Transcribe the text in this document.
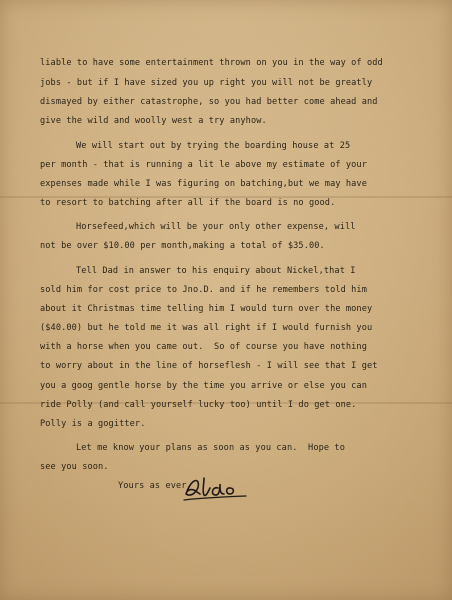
liable to have some entertainment thrown on you in the way of odd

jobs - but if I have sized you up right you will not be greatly

dismayed by either catastrophe, so you had better come ahead and

give the wild and woolly west a try anyhow.

We will start out by trying the boarding house at 25

per month - that is running a lit le above my estimate of your

expenses made while I was figuring on batching,but we may have

to resort to batching after all if the board is no good.

Horsefeed,which will be your only other expense, will

not be over $10.00 per month,making a total of $35.00.

Tell Dad in answer to his enquiry about Nickel,that I

sold him for cost price to Jno.D. and if he remembers told him

about it Christmas time telling him I would turn over the money

($40.00) but he told me it was all right if I would furnish you

with a horse when you came out.  So of course you have nothing

to worry about in the line of horseflesh - I will see that I get

you a goog gentle horse by the time you arrive or else you can

ride Polly (and call yourself lucky too) until I do get one.

Polly is a gogitter.

Let me know your plans as soon as you can.  Hope to

see you soon.

Yours as ever
